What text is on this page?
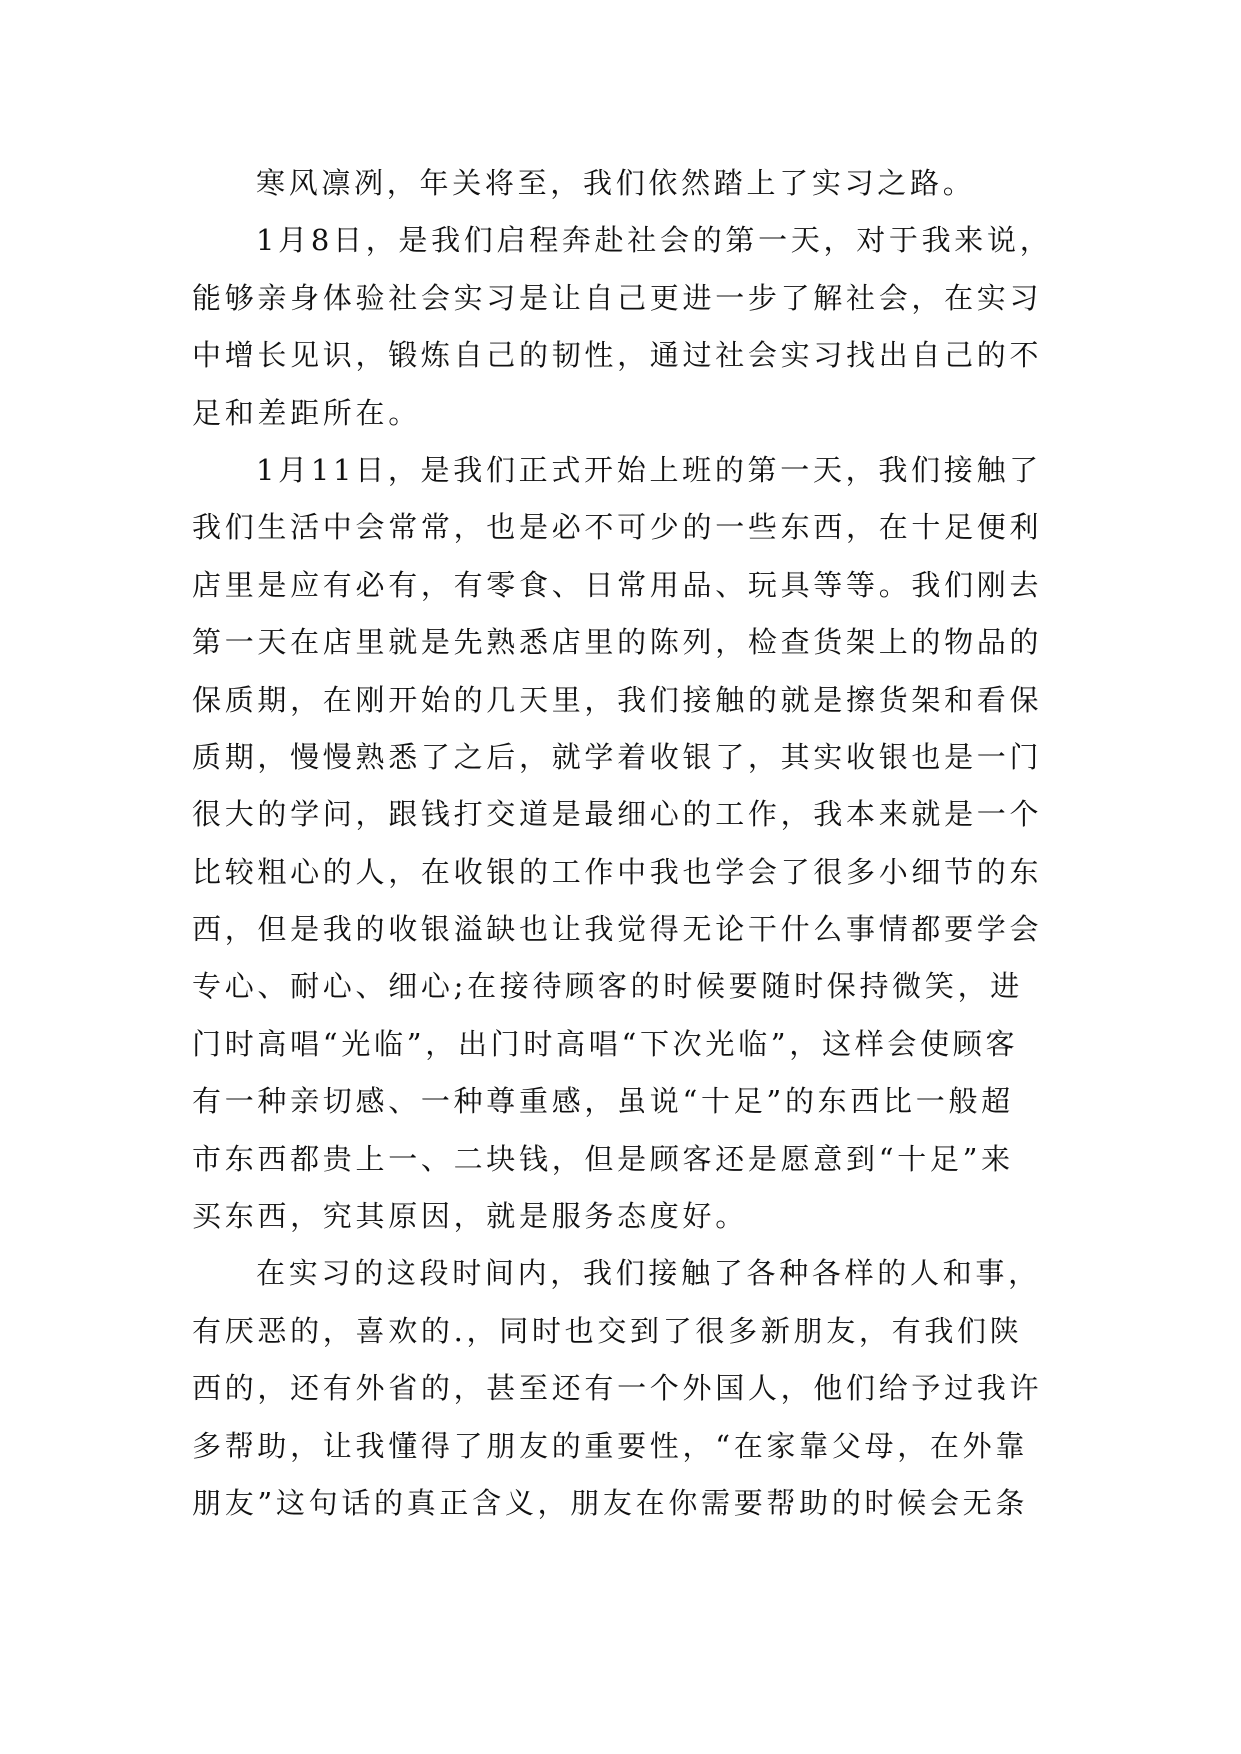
寒风凛冽，年关将至，我们依然踏上了实习之路。
1月8日，是我们启程奔赴社会的第一天，对于我来说，
能够亲身体验社会实习是让自己更进一步了解社会，在实习
中增长见识，锻炼自己的韧性，通过社会实习找出自己的不
足和差距所在。
1月11日，是我们正式开始上班的第一天，我们接触了
我们生活中会常常，也是必不可少的一些东西，在十足便利
店里是应有必有，有零食、日常用品、玩具等等。我们刚去
第一天在店里就是先熟悉店里的陈列，检查货架上的物品的
保质期，在刚开始的几天里，我们接触的就是擦货架和看保
质期，慢慢熟悉了之后，就学着收银了，其实收银也是一门
很大的学问，跟钱打交道是最细心的工作，我本来就是一个
比较粗心的人，在收银的工作中我也学会了很多小细节的东
西，但是我的收银溢缺也让我觉得无论干什么事情都要学会
专心、耐心、细心;在接待顾客的时候要随时保持微笑，进
门时高唱“光临”，出门时高唱“下次光临”，这样会使顾客
有一种亲切感、一种尊重感，虽说“十足”的东西比一般超
市东西都贵上一、二块钱，但是顾客还是愿意到“十足”来
买东西，究其原因，就是服务态度好。
在实习的这段时间内，我们接触了各种各样的人和事，
有厌恶的，喜欢的.，同时也交到了很多新朋友，有我们陕
西的，还有外省的，甚至还有一个外国人，他们给予过我许
多帮助，让我懂得了朋友的重要性，“在家靠父母，在外靠
朋友”这句话的真正含义，朋友在你需要帮助的时候会无条
